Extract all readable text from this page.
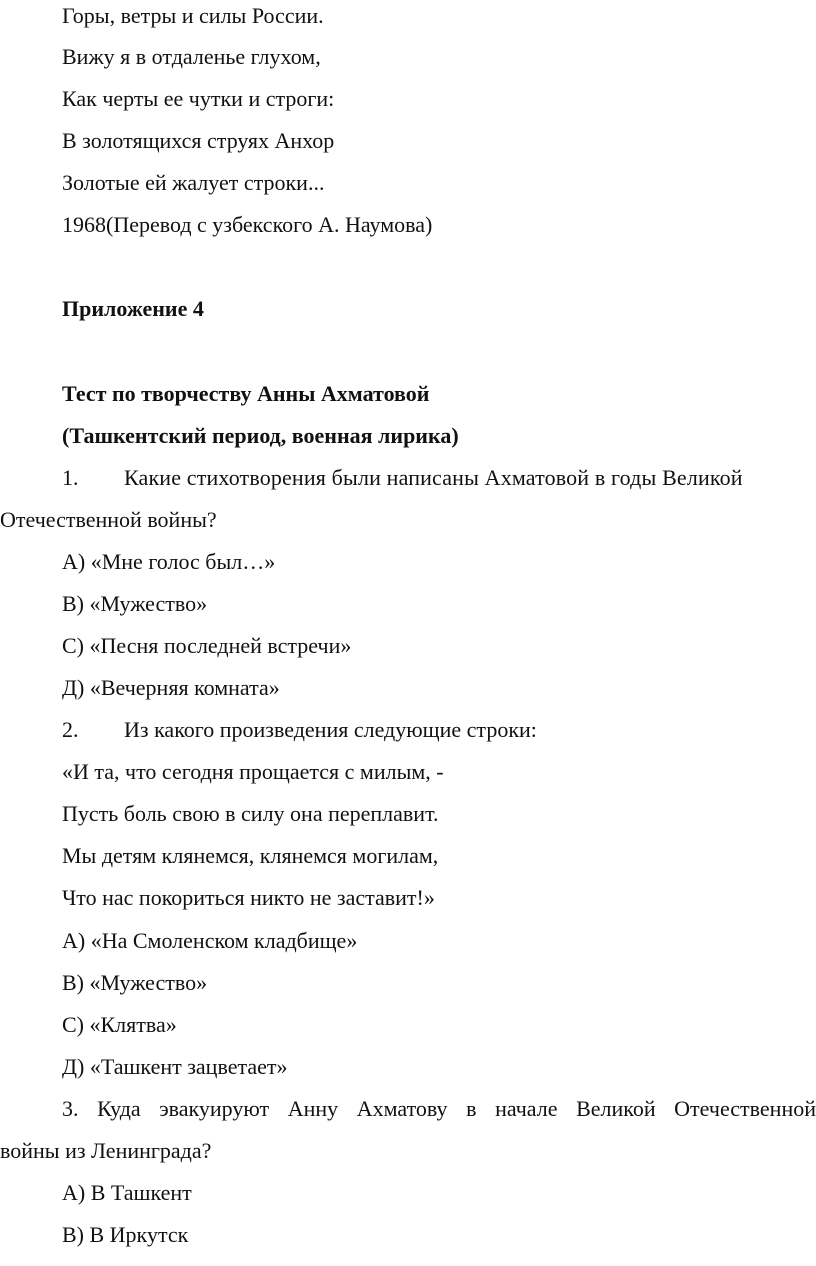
Горы, ветры и силы России.
Вижу я в отдаленье глухом,
Как черты ее чутки и строги:
В золотящихся струях Анхор
Золотые ей жалует строки...
1968(Перевод с узбекского А. Наумова)
Приложение 4
Тест по творчеству Анны Ахматовой
(Ташкентский период, военная лирика)
1. Какие стихотворения были написаны Ахматовой в годы Великой
Отечественной войны?
А) «Мне голос был…»
В) «Мужество»
С) «Песня последней встречи»
Д) «Вечерняя комната»
2. Из какого произведения следующие строки:
«И та, что сегодня прощается с милым, -
Пусть боль свою в силу она переплавит.
Мы детям клянемся, клянемся могилам,
Что нас покориться никто не заставит!»
А) «На Смоленском кладбище»
В) «Мужество»
С) «Клятва»
Д) «Ташкент зацветает»
3. Куда эвакуируют Анну Ахматову в начале Великой Отечественной
войны из Ленинграда?
А) В Ташкент
В) В Иркутск
